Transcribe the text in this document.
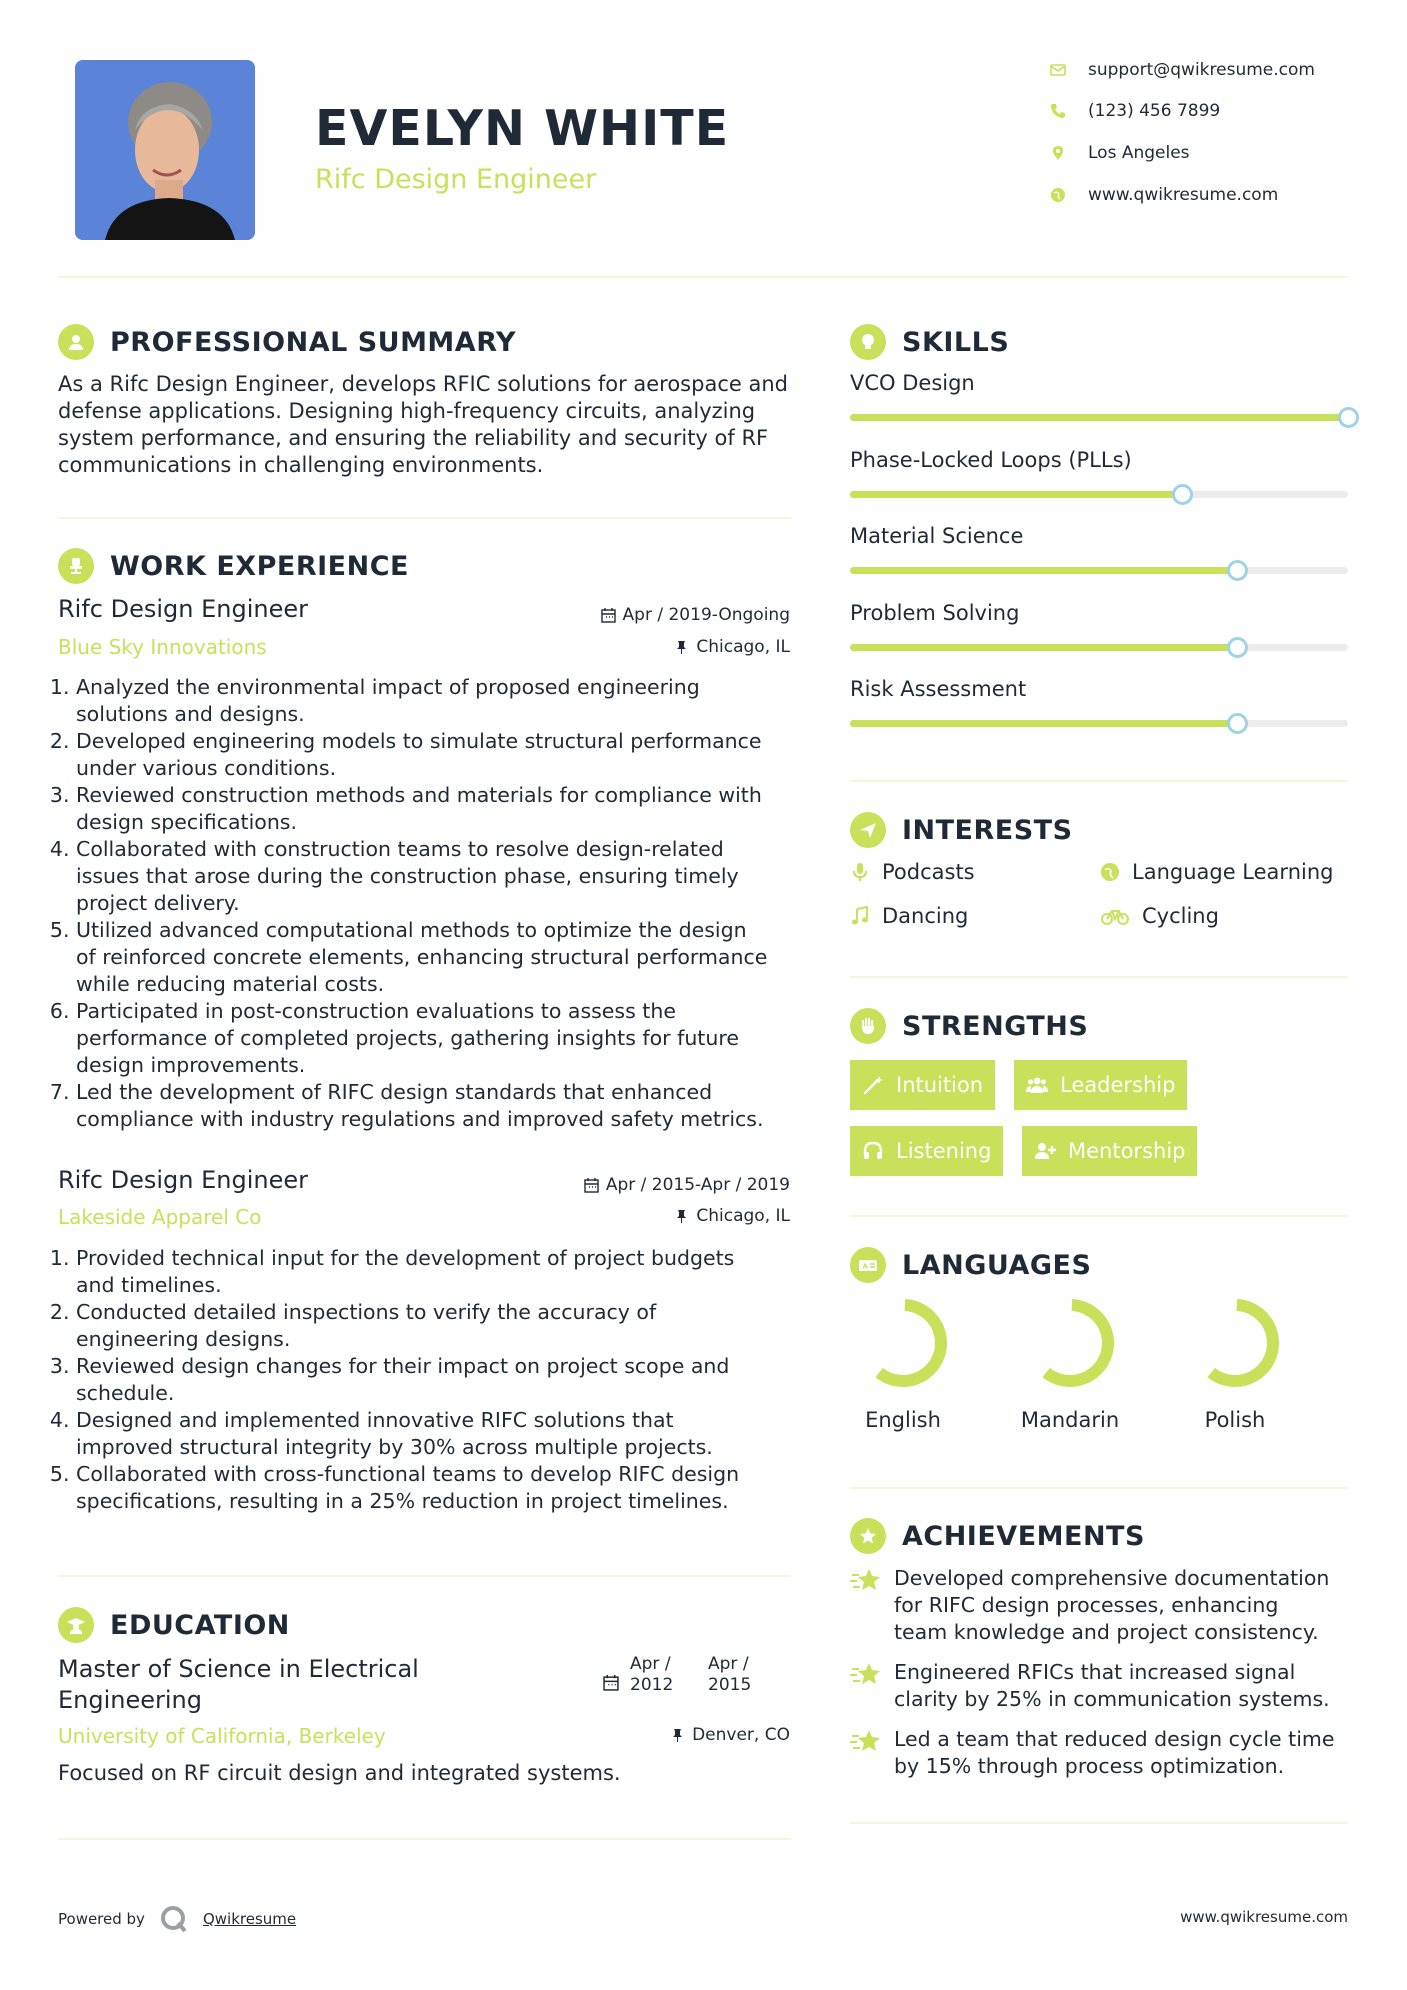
EVELYN WHITE
Rifc Design Engineer
support@qwikresume.com
(123) 456 7899
Los Angeles
www.qwikresume.com
PROFESSIONAL SUMMARY
As a Rifc Design Engineer, develops RFIC solutions for aerospace and
defense applications. Designing high-frequency circuits, analyzing
system performance, and ensuring the reliability and security of RF
communications in challenging environments.
WORK EXPERIENCE
Rifc Design Engineer
Blue Sky Innovations
Apr / 2019-Ongoing
Chicago, IL
1. Analyzed the environmental impact of proposed engineering
solutions and designs.
2. Developed engineering models to simulate structural performance
under various conditions.
3. Reviewed construction methods and materials for compliance with
design specifications.
4. Collaborated with construction teams to resolve design-related
issues that arose during the construction phase, ensuring timely
project delivery.
5. Utilized advanced computational methods to optimize the design
of reinforced concrete elements, enhancing structural performance
while reducing material costs.
6. Participated in post-construction evaluations to assess the
performance of completed projects, gathering insights for future
design improvements.
7. Led the development of RIFC design standards that enhanced
compliance with industry regulations and improved safety metrics.
Rifc Design Engineer
Lakeside Apparel Co
Apr / 2015-Apr / 2019
Chicago, IL
1. Provided technical input for the development of project budgets
and timelines.
2. Conducted detailed inspections to verify the accuracy of
engineering designs.
3. Reviewed design changes for their impact on project scope and
schedule.
4. Designed and implemented innovative RIFC solutions that
improved structural integrity by 30% across multiple projects.
5. Collaborated with cross-functional teams to develop RIFC design
specifications, resulting in a 25% reduction in project timelines.
EDUCATION
Master of Science in Electrical
Engineering
University of California, Berkeley
Apr /
2012
Apr /
2015
Denver, CO
Focused on RF circuit design and integrated systems.
SKILLS
VCO Design
Phase-Locked Loops (PLLs)
Material Science
Problem Solving
Risk Assessment
INTERESTS
Podcasts	Language Learning
Dancing	Cycling
STRENGTHS
Intuition	Leadership
Listening	Mentorship
A LANGUAGES
English	Mandarin	Polish
ACHIEVEMENTS
Developed comprehensive documentation
for RIFC design processes, enhancing
team knowledge and project consistency.
Engineered RFICs that increased signal
clarity by 25% in communication systems.
Led a team that reduced design cycle time
by 15% through process optimization.
Powered by	Qwikresume	www.qwikresume.com
